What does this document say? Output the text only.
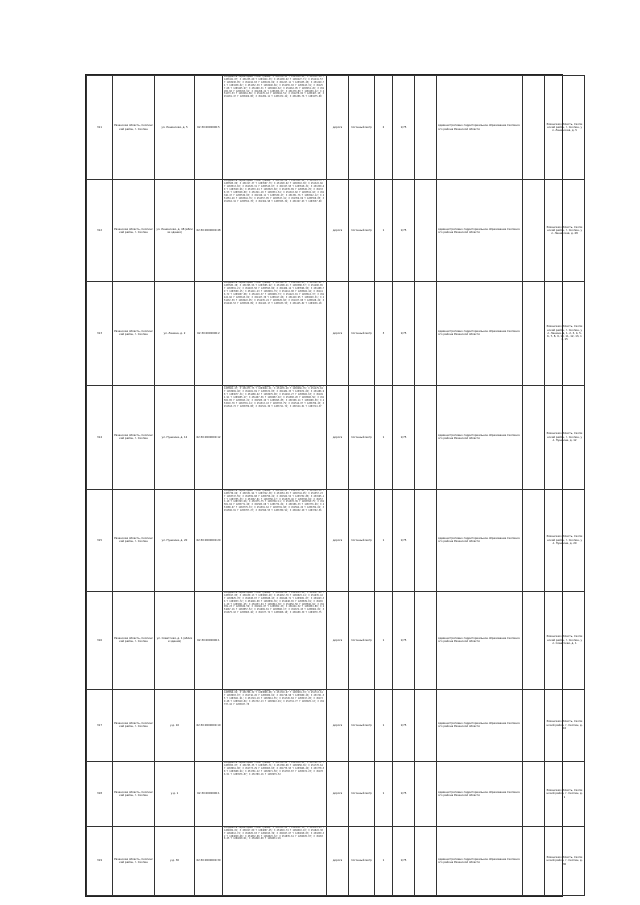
311	Рязанская область, Скопинский район, г. Скопин	ул. Ленинская, д. 5	62:30:0000000:5	Координаты характерных точек границ: X 451230.45 Y 1283419.82; X 451232.18 Y 1283421.07; X 451235.60 Y 1283424.33; X 451238.92 Y 1283427.71; X 451241.57 Y 1283430.05; X 451244.83 Y 1283432.69; X 451247.11 Y 1283435.28; X 451249.74 Y 1283438.02; X 451252.39 Y 1283440.66; X 451255.02 Y 1283443.31; X 451257.68 Y 1283445.97; X 451260.31 Y 1283448.62; X 451262.95 Y 1283451.26; X 451265.60 Y 1283453.91; X 451268.24 Y 1283456.57; X 451270.89 Y 1283459.22; X 451273.53 Y 1283461.86; X 451276.18 Y 1283464.51; X 451278.82 Y 1283467.15; X 451281.47 Y 1283469.80; X 451284.11 Y 1283472.44; X 451286.76 Y 1283475.09	дорога	погонный метр	2	1/75		Административно-территориальное образование Скопинского района Рязанской области		Рязанская область, Скопинский район, г. Скопин, ул. Ленинская, д. 5
312	Рязанская область, Скопинский район, г. Скопин	ул. Ленинская, д. 48 (вблизи здания)	62:30:0000000:48	Координаты характерных точек границ: X 451312.08 Y 1283502.44; X 451314.73 Y 1283505.09; X 451317.37 Y 1283507.73; X 451320.02 Y 1283510.38; X 451322.66 Y 1283513.02; X 451325.31 Y 1283515.67; X 451327.95 Y 1283518.31; X 451330.60 Y 1283520.96; X 451333.24 Y 1283523.60; X 451335.89 Y 1283526.25; X 451338.53 Y 1283528.89; X 451341.18 Y 1283531.54; X 451343.82 Y 1283534.18; X 451346.47 Y 1283536.83; X 451349.11 Y 1283539.47; X 451351.76 Y 1283542.12; X 451354.40 Y 1283544.76; X 451357.05 Y 1283547.41; X 451359.69 Y 1283550.05; X 451362.34 Y 1283552.70; X 451364.98 Y 1283555.34; X 451367.63 Y 1283557.99	дорога	погонный метр	1	1/75		Административно-территориальное образование Скопинского района Рязанской области		Рязанская область, Скопинский район, г. Скопин, ул. Ленинская, д. 48
313	Рязанская область, Скопинский район, г. Скопин	ул. Ленина, д. 2	62:30:0000000:2	Координаты характерных точек границ: X 451390.27 Y 1283580.63; X 451392.92 Y 1283583.28; X 451395.56 Y 1283585.92; X 451398.21 Y 1283588.57; X 451400.85 Y 1283591.21; X 451403.50 Y 1283593.86; X 451406.14 Y 1283596.50; X 451408.79 Y 1283599.15; X 451411.43 Y 1283601.79; X 451414.08 Y 1283604.44; X 451416.72 Y 1283607.08; X 451419.37 Y 1283609.73; X 451422.01 Y 1283612.37; X 451424.66 Y 1283615.02; X 451427.30 Y 1283617.66; X 451429.95 Y 1283620.31; X 451432.59 Y 1283622.95; X 451435.24 Y 1283625.60; X 451437.88 Y 1283628.24; X 451440.53 Y 1283630.89; X 451443.17 Y 1283633.53; X 451445.82 Y 1283636.18	дорога	погонный метр	3	1/75		Административно-территориальное образование Скопинского района Рязанской области		Рязанская область, Скопинский район, г. Скопин, ул. Ленина, д. 1, 2, 3, 4, 5, 6, 7, 8, 9, 10, 11, 12, 13, 14, 15
314	Рязанская область, Скопинский район, г. Скопин	ул. Пушкина, д. 12	62:30:0000000:12	Координаты характерных точек границ: X 451468.46 Y 1283658.82; X 451471.11 Y 1283661.47; X 451473.75 Y 1283664.11; X 451476.40 Y 1283666.76; X 451479.04 Y 1283669.40; X 451481.69 Y 1283672.05; X 451484.33 Y 1283674.69; X 451486.98 Y 1283677.34; X 451489.62 Y 1283679.98; X 451492.27 Y 1283682.63; X 451494.91 Y 1283685.27; X 451497.56 Y 1283687.92; X 451500.20 Y 1283690.56; X 451502.85 Y 1283693.21; X 451505.49 Y 1283695.85; X 451508.14 Y 1283698.50; X 451510.78 Y 1283701.14; X 451513.43 Y 1283703.79; X 451516.07 Y 1283706.43; X 451518.72 Y 1283709.08; X 451521.36 Y 1283711.72; X 451524.01 Y 1283714.37	дорога	погонный метр	1	1/75		Административно-территориальное образование Скопинского района Рязанской области		Рязанская область, Скопинский район, г. Скопин, ул. Пушкина, д. 12
315	Рязанская область, Скопинский район, г. Скопин	ул. Пушкина, д. 20	62:30:0000000:20	Координаты характерных точек границ: X 451546.65 Y 1283737.01; X 451549.30 Y 1283739.66; X 451551.94 Y 1283742.30; X 451554.59 Y 1283744.95; X 451557.23 Y 1283747.59; X 451559.88 Y 1283750.24; X 451562.52 Y 1283752.88; X 451565.17 Y 1283755.53; X 451567.81 Y 1283758.17; X 451570.46 Y 1283760.82; X 451573.10 Y 1283763.46; X 451575.75 Y 1283766.11; X 451578.39 Y 1283768.75; X 451581.04 Y 1283771.40; X 451583.68 Y 1283774.04; X 451586.33 Y 1283776.69; X 451588.97 Y 1283779.33; X 451591.62 Y 1283781.98; X 451594.26 Y 1283784.62; X 451596.91 Y 1283787.27; X 451599.55 Y 1283789.91; X 451602.20 Y 1283792.56	дорога	погонный метр	1	1/75		Административно-территориальное образование Скопинского района Рязанской области		Рязанская область, Скопинский район, г. Скопин, ул. Пушкина, д. 20
316	Рязанская область, Скопинский район, г. Скопин	ул. Советская, д. 1 (вблизи здания)	62:30:0000000:1	Координаты характерных точек границ: X 451624.84 Y 1283815.20; X 451627.49 Y 1283817.85; X 451630.13 Y 1283820.49; X 451632.78 Y 1283823.14; X 451635.42 Y 1283825.78; X 451638.07 Y 1283828.43; X 451640.71 Y 1283831.07; X 451643.36 Y 1283833.72; X 451646.00 Y 1283836.36; X 451648.65 Y 1283839.01; X 451651.29 Y 1283841.65; X 451653.94 Y 1283844.30; X 451656.58 Y 1283846.94; X 451659.23 Y 1283849.59; X 451661.87 Y 1283852.23; X 451664.52 Y 1283854.88; X 451667.16 Y 1283857.52; X 451669.81 Y 1283860.17; X 451672.45 Y 1283862.81; X 451675.10 Y 1283865.46; X 451677.74 Y 1283868.10; X 451680.39 Y 1283870.75	дорога	погонный метр	1	1/75		Административно-территориальное образование Скопинского района Рязанской области		Рязанская область, Скопинский район, г. Скопин, ул. Советская, д. 1
317	Рязанская область, Скопинский район, г. Скопин	у.д. 10	62:30:0000000:10	Координаты характерных точек границ: X 451703.03 Y 1283893.39; X 451705.68 Y 1283896.04; X 451708.32 Y 1283898.68; X 451710.97 Y 1283901.33; X 451713.61 Y 1283903.97; X 451716.26 Y 1283906.62; X 451718.90 Y 1283909.26; X 451721.55 Y 1283911.91; X 451724.19 Y 1283914.55; X 451726.84 Y 1283917.20; X 451729.48 Y 1283919.84; X 451732.13 Y 1283922.49; X 451734.77 Y 1283925.13; X 451737.42 Y 1283927.78	дорога	погонный метр	1	1/75		Административно-территориальное образование Скопинского района Рязанской области		Рязанская область, Скопинский район, г. Скопин, д. 10
318	Рязанская область, Скопинский район, г. Скопин	у.д. 1	62:30:0000000:1	Координаты характерных точек границ: X 451760.06 Y 1283950.42; X 451762.71 Y 1283953.07; X 451765.35 Y 1283955.71; X 451768.00 Y 1283958.36; X 451770.64 Y 1283961.00; X 451773.29 Y 1283963.65; X 451775.93 Y 1283966.29; X 451778.58 Y 1283968.94; X 451781.22 Y 1283971.58; X 451783.87 Y 1283974.23; X 451786.51 Y 1283976.87; X 451789.16 Y 1283979.52	дорога	погонный метр	1	1/75		Административно-территориальное образование Скопинского района Рязанской области		Рязанская область, Скопинский район, г. Скопин, д. 1
319	Рязанская область, Скопинский район, г. Скопин	у.д. 30	62:30:0000000:30	Координаты характерных точек границ: X 451811.80 Y 1284002.16; X 451814.45 Y 1284004.81; X 451817.09 Y 1284007.45; X 451819.74 Y 1284010.10; X 451822.38 Y 1284012.74; X 451825.03 Y 1284015.39; X 451827.67 Y 1284018.03; X 451830.32 Y 1284020.68; X 451832.96 Y 1284023.32; X 451835.61 Y 1284025.97; X 451838.25 Y 1284028.61; X 451840.90 Y 1284031.26	дорога	погонный метр	1	1/75		Административно-территориальное образование Скопинского района Рязанской области		Рязанская область, Скопинский район, г. Скопин, д. 30
